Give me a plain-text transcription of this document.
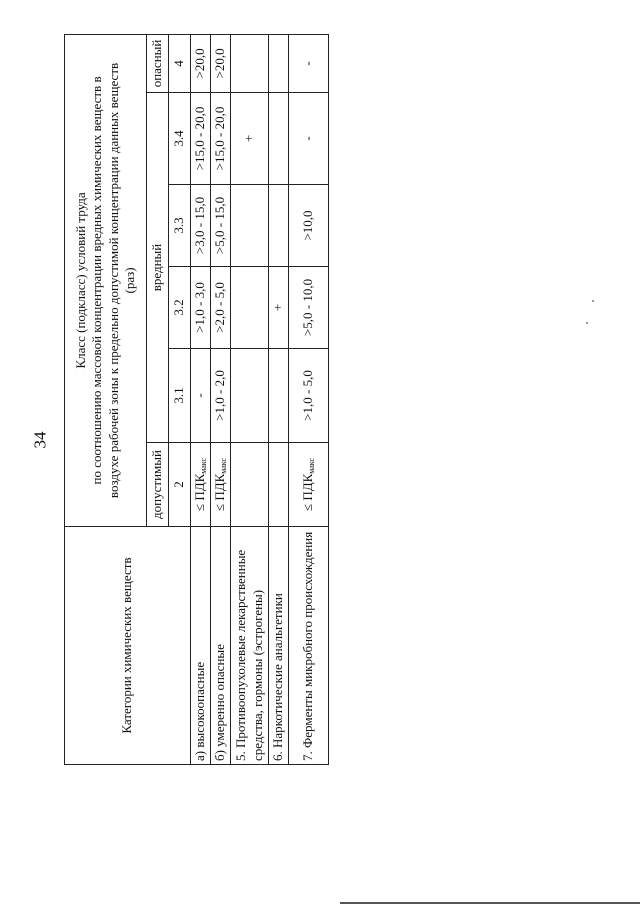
34
Категории химических веществ	Класс (подкласс) условий труда по соотношению массовой концентрации вредных химических веществ в воздухе рабочей зоны к предельно допустимой концентрации данных веществ (раз)					

	допустимый	вредный				опасный
	2	3.1	3.2	3.3	3.4	4
а) высокоопасные	≤ $ПДК_{макс}$	-	>1,0 - 3,0	>3,0 - 15,0	>15,0 - 20,0	>20,0
б) умеренно опасные	≤ $ПДК_{макс}$	>1,0 - 2,0	>2,0 - 5,0	>5,0 - 15,0	>15,0 - 20,0	>20,0
5. Противоопухолевые лекарственные средства, гормоны (эстрогены)					+	
6. Наркотические анальгетики			+			
7. Ферменты микробного происхождения	≤ $ПДК_{макс}$	>1,0 - 5,0	>5,0 - 10,0	>10,0	-	-
